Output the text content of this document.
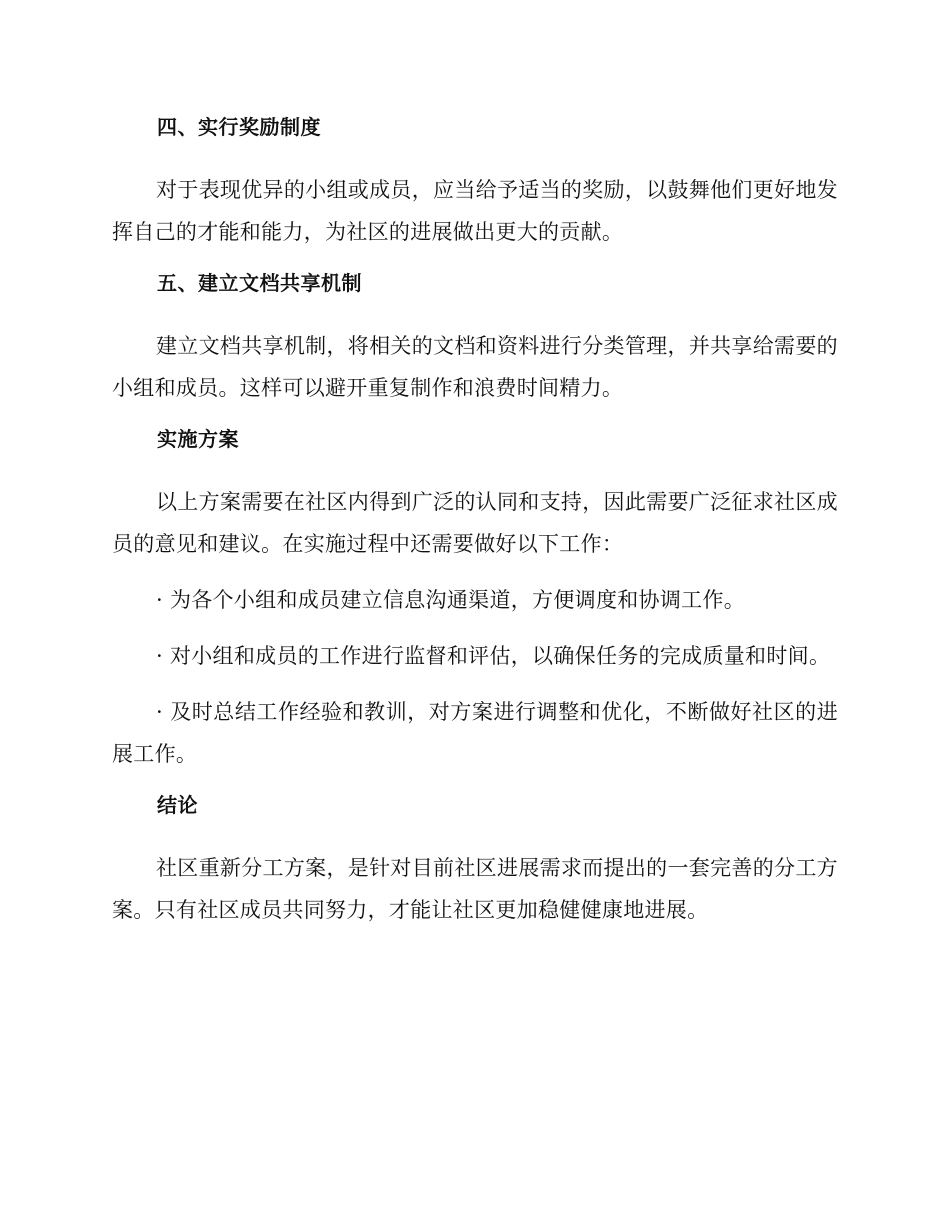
四、实行奖励制度

对于表现优异的小组或成员，应当给予适当的奖励，以鼓舞他们更好地发挥自己的才能和能力，为社区的进展做出更大的贡献。

五、建立文档共享机制

建立文档共享机制，将相关的文档和资料进行分类管理，并共享给需要的小组和成员。这样可以避开重复制作和浪费时间精力。

实施方案

以上方案需要在社区内得到广泛的认同和支持，因此需要广泛征求社区成员的意见和建议。在实施过程中还需要做好以下工作：

· 为各个小组和成员建立信息沟通渠道，方便调度和协调工作。

· 对小组和成员的工作进行监督和评估，以确保任务的完成质量和时间。

· 及时总结工作经验和教训，对方案进行调整和优化，不断做好社区的进展工作。

结论

社区重新分工方案，是针对目前社区进展需求而提出的一套完善的分工方案。只有社区成员共同努力，才能让社区更加稳健健康地进展。
